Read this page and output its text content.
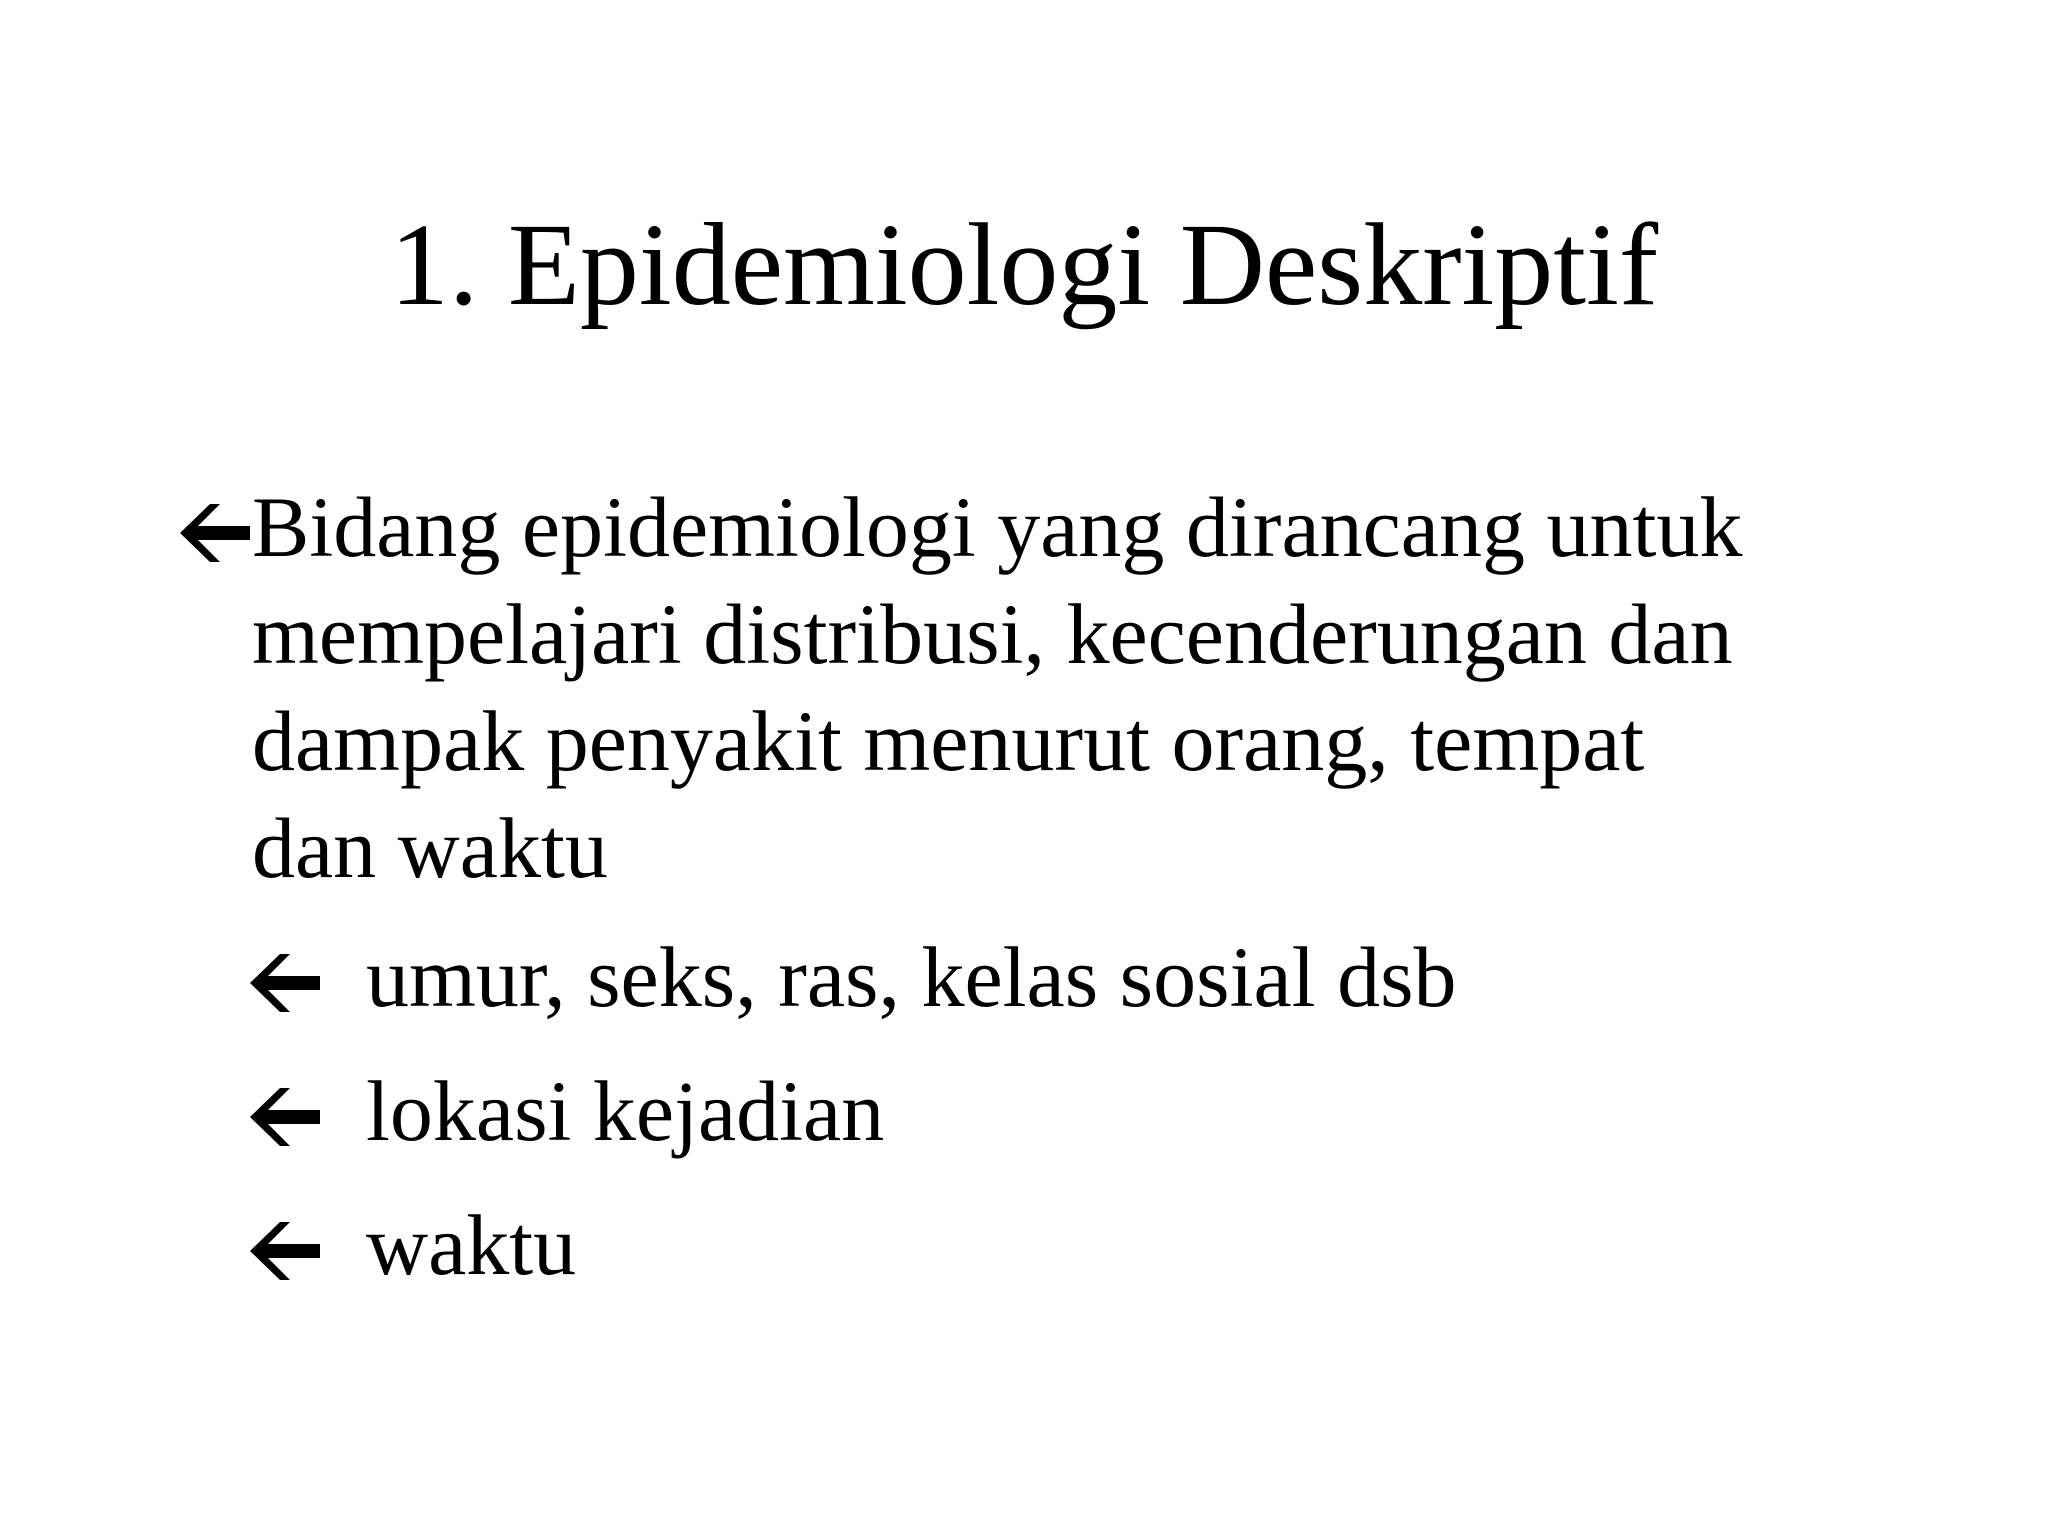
1. Epidemiologi Deskriptif
Bidang epidemiologi yang dirancang untuk
mempelajari distribusi, kecenderungan dan
dampak penyakit menurut orang, tempat
dan waktu
umur, seks, ras, kelas sosial dsb
lokasi kejadian
waktu
